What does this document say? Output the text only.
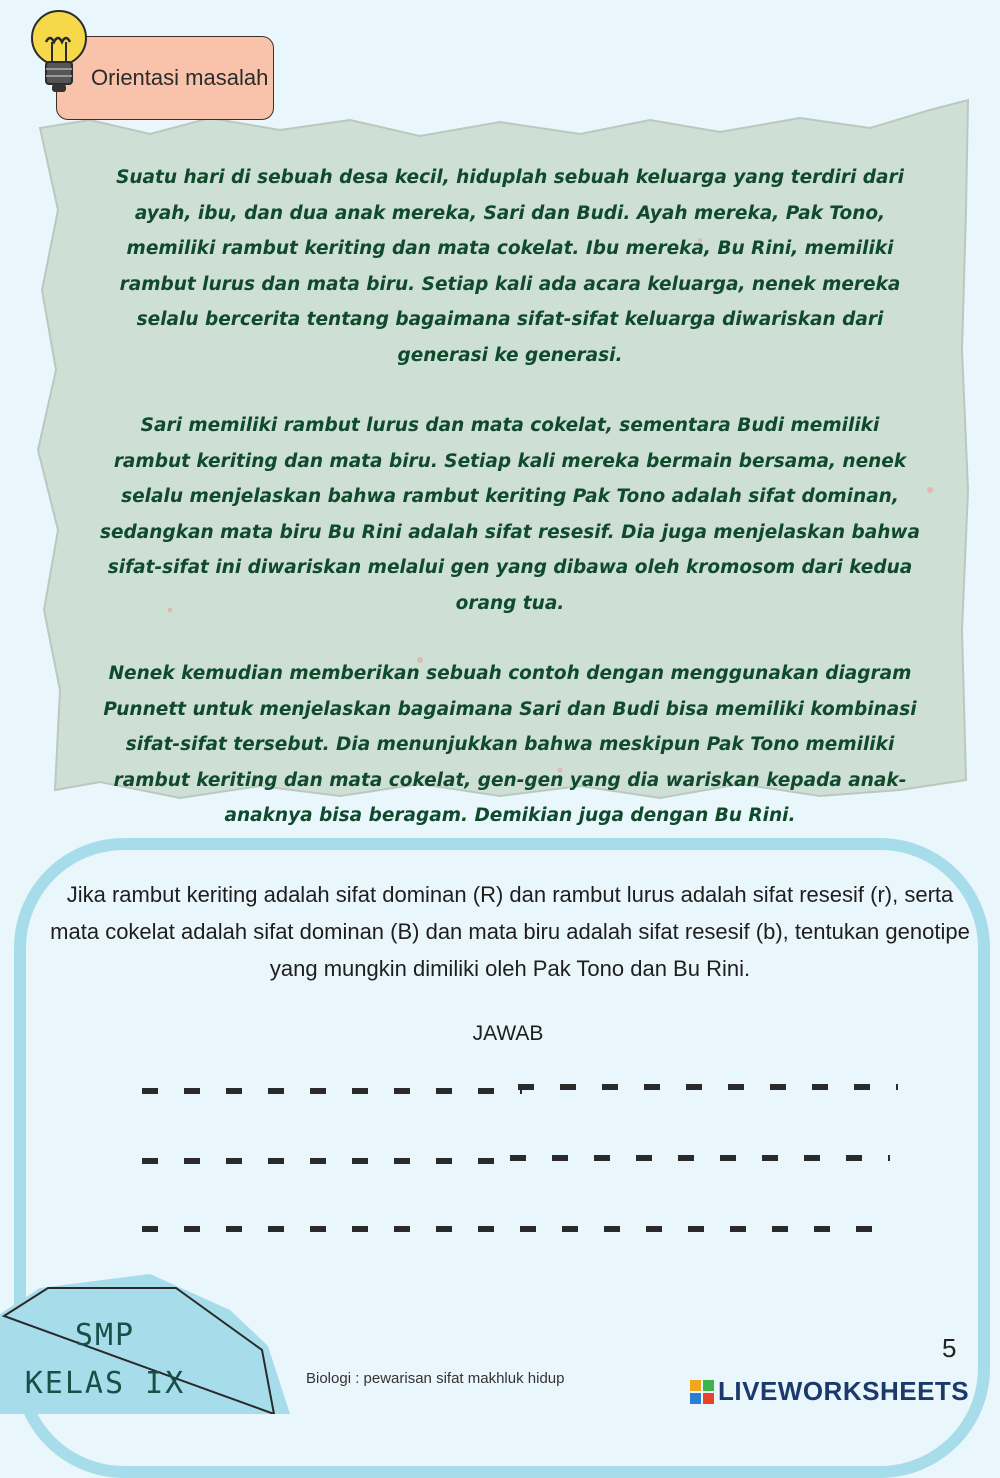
Orientasi masalah

Suatu hari di sebuah desa kecil, hiduplah sebuah keluarga yang terdiri dari ayah, ibu, dan dua anak mereka, Sari dan Budi. Ayah mereka, Pak Tono, memiliki rambut keriting dan mata cokelat. Ibu mereka, Bu Rini, memiliki rambut lurus dan mata biru. Setiap kali ada acara keluarga, nenek mereka selalu bercerita tentang bagaimana sifat-sifat keluarga diwariskan dari generasi ke generasi.

Sari memiliki rambut lurus dan mata cokelat, sementara Budi memiliki rambut keriting dan mata biru. Setiap kali mereka bermain bersama, nenek selalu menjelaskan bahwa rambut keriting Pak Tono adalah sifat dominan, sedangkan mata biru Bu Rini adalah sifat resesif. Dia juga menjelaskan bahwa sifat-sifat ini diwariskan melalui gen yang dibawa oleh kromosom dari kedua orang tua.

Nenek kemudian memberikan sebuah contoh dengan menggunakan diagram Punnett untuk menjelaskan bagaimana Sari dan Budi bisa memiliki kombinasi sifat-sifat tersebut. Dia menunjukkan bahwa meskipun Pak Tono memiliki rambut keriting dan mata cokelat, gen-gen yang dia wariskan kepada anak-anaknya bisa beragam. Demikian juga dengan Bu Rini.

Jika rambut keriting adalah sifat dominan (R) dan rambut lurus adalah sifat resesif (r), serta mata cokelat adalah sifat dominan (B) dan mata biru adalah sifat resesif (b), tentukan genotipe yang mungkin dimiliki oleh Pak Tono dan Bu Rini.

JAWAB
SMP
KELAS IX	Biologi : pewarisan sifat makhluk hidup
5
LIVEWORKSHEETS
